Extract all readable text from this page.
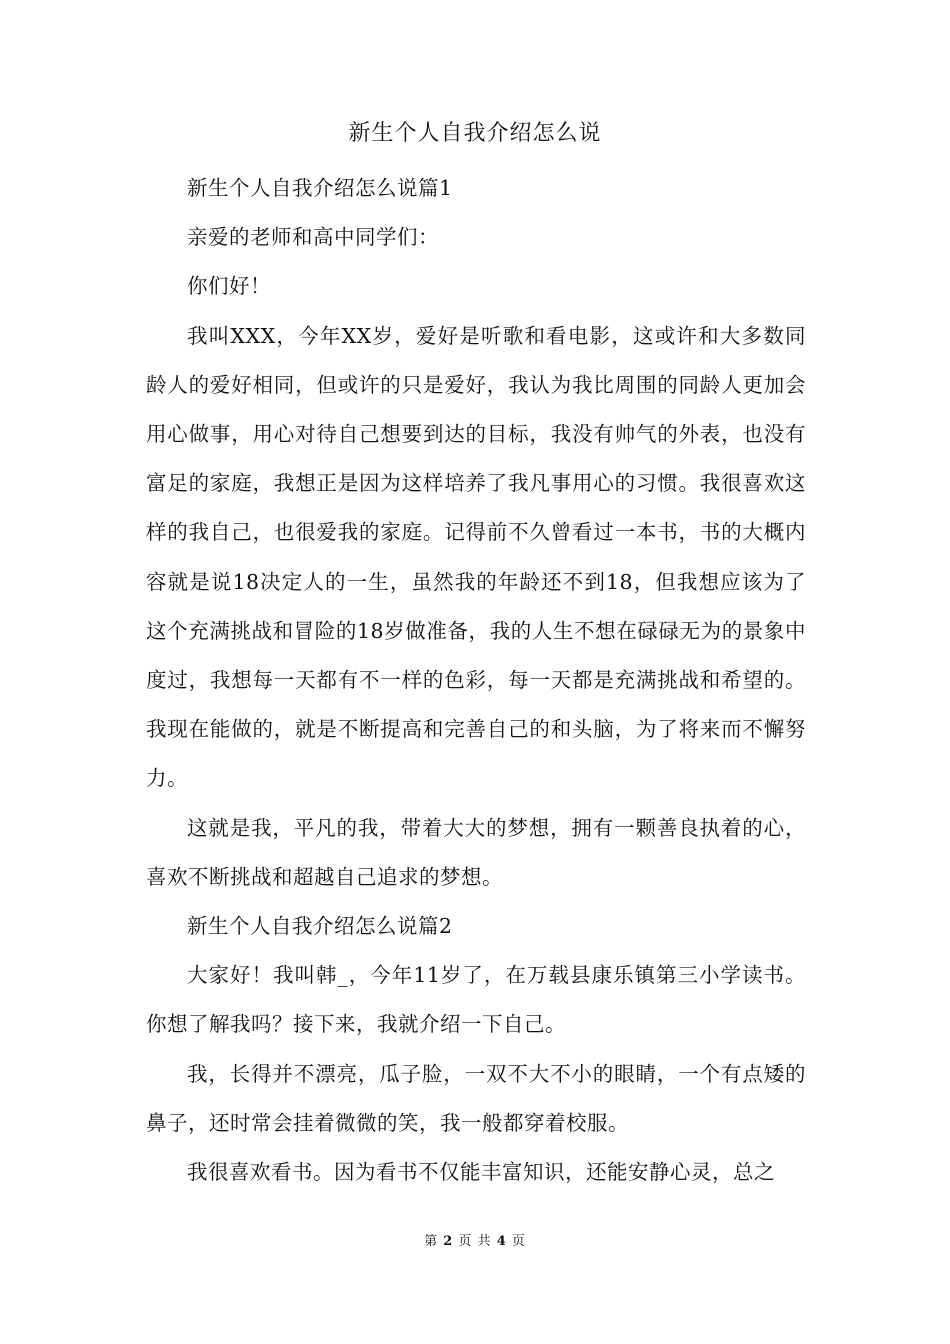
新生个人自我介绍怎么说

新生个人自我介绍怎么说篇1

亲爱的老师和高中同学们：

你们好！

我叫XXX，今年XX岁，爱好是听歌和看电影，这或许和大多数同龄人的爱好相同，但或许的只是爱好，我认为我比周围的同龄人更加会用心做事，用心对待自己想要到达的目标，我没有帅气的外表，也没有富足的家庭，我想正是因为这样培养了我凡事用心的习惯。我很喜欢这样的我自己，也很爱我的家庭。记得前不久曾看过一本书，书的大概内容就是说18决定人的一生，虽然我的年龄还不到18，但我想应该为了这个充满挑战和冒险的18岁做准备，我的人生不想在碌碌无为的景象中度过，我想每一天都有不一样的色彩，每一天都是充满挑战和希望的。我现在能做的，就是不断提高和完善自己的和头脑，为了将来而不懈努力。

这就是我，平凡的我，带着大大的梦想，拥有一颗善良执着的心，喜欢不断挑战和超越自己追求的梦想。

新生个人自我介绍怎么说篇2

大家好！我叫韩_，今年11岁了，在万载县康乐镇第三小学读书。你想了解我吗？接下来，我就介绍一下自己。

我，长得并不漂亮，瓜子脸，一双不大不小的眼睛，一个有点矮的鼻子，还时常会挂着微微的笑，我一般都穿着校服。

我很喜欢看书。因为看书不仅能丰富知识，还能安静心灵，总之

第 2 页 共 4 页
